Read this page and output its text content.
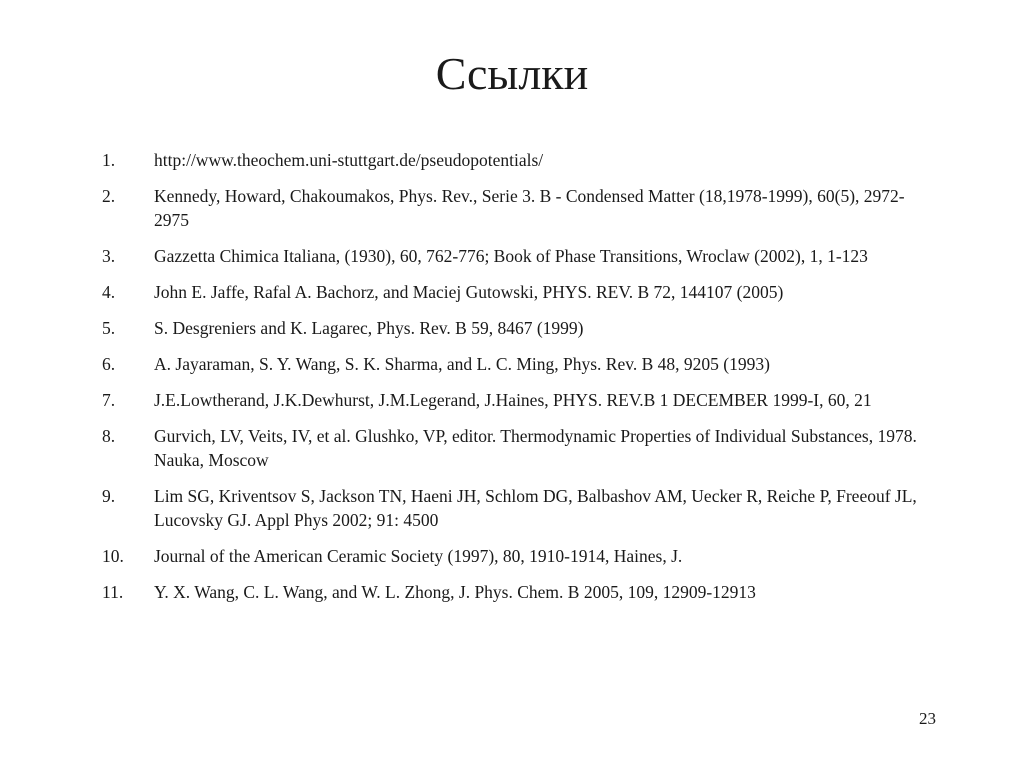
Ссылки
1.	http://www.theochem.uni-stuttgart.de/pseudopotentials/
2.	Kennedy, Howard, Chakoumakos, Phys. Rev., Serie 3. B - Condensed Matter (18,1978-1999), 60(5), 2972-2975
3.	Gazzetta Chimica Italiana, (1930), 60, 762-776; Book of Phase Transitions, Wroclaw (2002), 1, 1-123
4.	John E. Jaffe, Rafal A. Bachorz, and Maciej Gutowski, PHYS. REV. B 72, 144107 (2005)
5.	S. Desgreniers and K. Lagarec, Phys. Rev. B 59, 8467 (1999)
6.	A. Jayaraman, S. Y. Wang, S. K. Sharma, and L. C. Ming, Phys. Rev. B 48, 9205 (1993)
7.	J.E.Lowtherand, J.K.Dewhurst, J.M.Legerand, J.Haines, PHYS. REV.B 1 DECEMBER 1999-I, 60, 21
8.	Gurvich, LV, Veits, IV, et al. Glushko, VP, editor. Thermodynamic Properties of Individual Substances, 1978. Nauka, Moscow
9.	Lim SG, Kriventsov S, Jackson TN, Haeni JH, Schlom DG, Balbashov AM, Uecker R, Reiche P, Freeouf JL, Lucovsky GJ. Appl Phys 2002; 91: 4500
10.	Journal of the American Ceramic Society (1997), 80, 1910-1914, Haines, J.
11.	Y. X. Wang, C. L. Wang, and W. L. Zhong, J. Phys. Chem. B 2005, 109, 12909-12913
23
